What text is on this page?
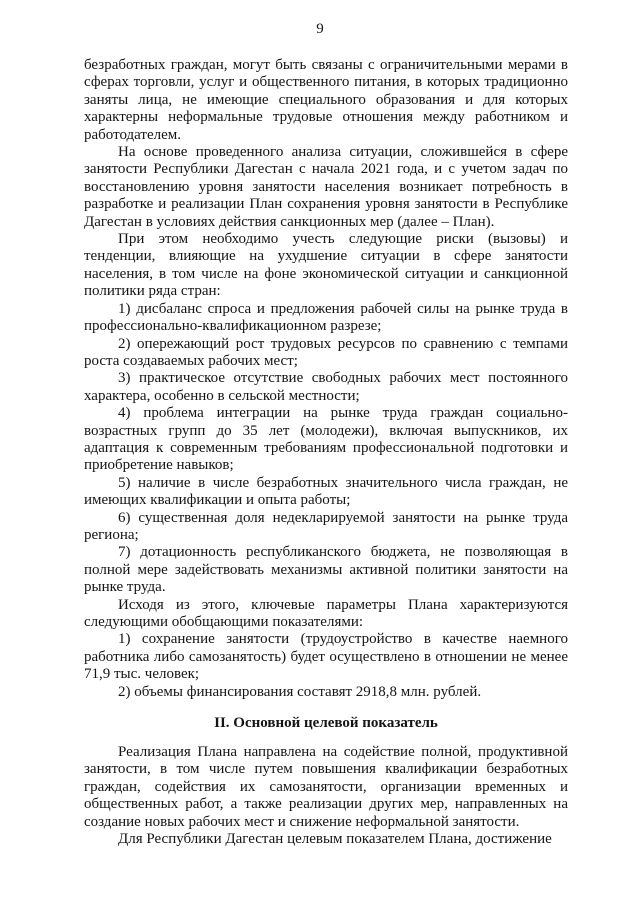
9

безработных граждан, могут быть связаны с ограничительными мерами в сферах торговли, услуг и общественного питания, в которых традиционно заняты лица, не имеющие специального образования и для которых характерны неформальные трудовые отношения между работником и работодателем.

На основе проведенного анализа ситуации, сложившейся в сфере занятости Республики Дагестан с начала 2021 года, и с учетом задач по восстановлению уровня занятости населения возникает потребность в разработке и реализации План сохранения уровня занятости в Республике Дагестан в условиях действия санкционных мер (далее – План).

При этом необходимо учесть следующие риски (вызовы) и тенденции, влияющие на ухудшение ситуации в сфере занятости населения, в том числе на фоне экономической ситуации и санкционной политики ряда стран:

1) дисбаланс спроса и предложения рабочей силы на рынке труда в профессионально-квалификационном разрезе;

2) опережающий рост трудовых ресурсов по сравнению с темпами роста создаваемых рабочих мест;

3) практическое отсутствие свободных рабочих мест постоянного характера, особенно в сельской местности;

4) проблема интеграции на рынке труда граждан социально-возрастных групп до 35 лет (молодежи), включая выпускников, их адаптация к современным требованиям профессиональной подготовки и приобретение навыков;

5) наличие в числе безработных значительного числа граждан, не имеющих квалификации и опыта работы;

6) существенная доля недекларируемой занятости на рынке труда региона;

7) дотационность республиканского бюджета, не позволяющая в полной мере задействовать механизмы активной политики занятости на рынке труда.

Исходя из этого, ключевые параметры Плана характеризуются следующими обобщающими показателями:

1) сохранение занятости (трудоустройство в качестве наемного работника либо самозанятость) будет осуществлено в отношении не менее 71,9 тыс. человек;

2) объемы финансирования составят 2918,8 млн. рублей.

II. Основной целевой показатель

Реализация Плана направлена на содействие полной, продуктивной занятости, в том числе путем повышения квалификации безработных граждан, содействия их самозанятости, организации временных и общественных работ, а также реализации других мер, направленных на создание новых рабочих мест и снижение неформальной занятости.

Для Республики Дагестан целевым показателем Плана, достижение
